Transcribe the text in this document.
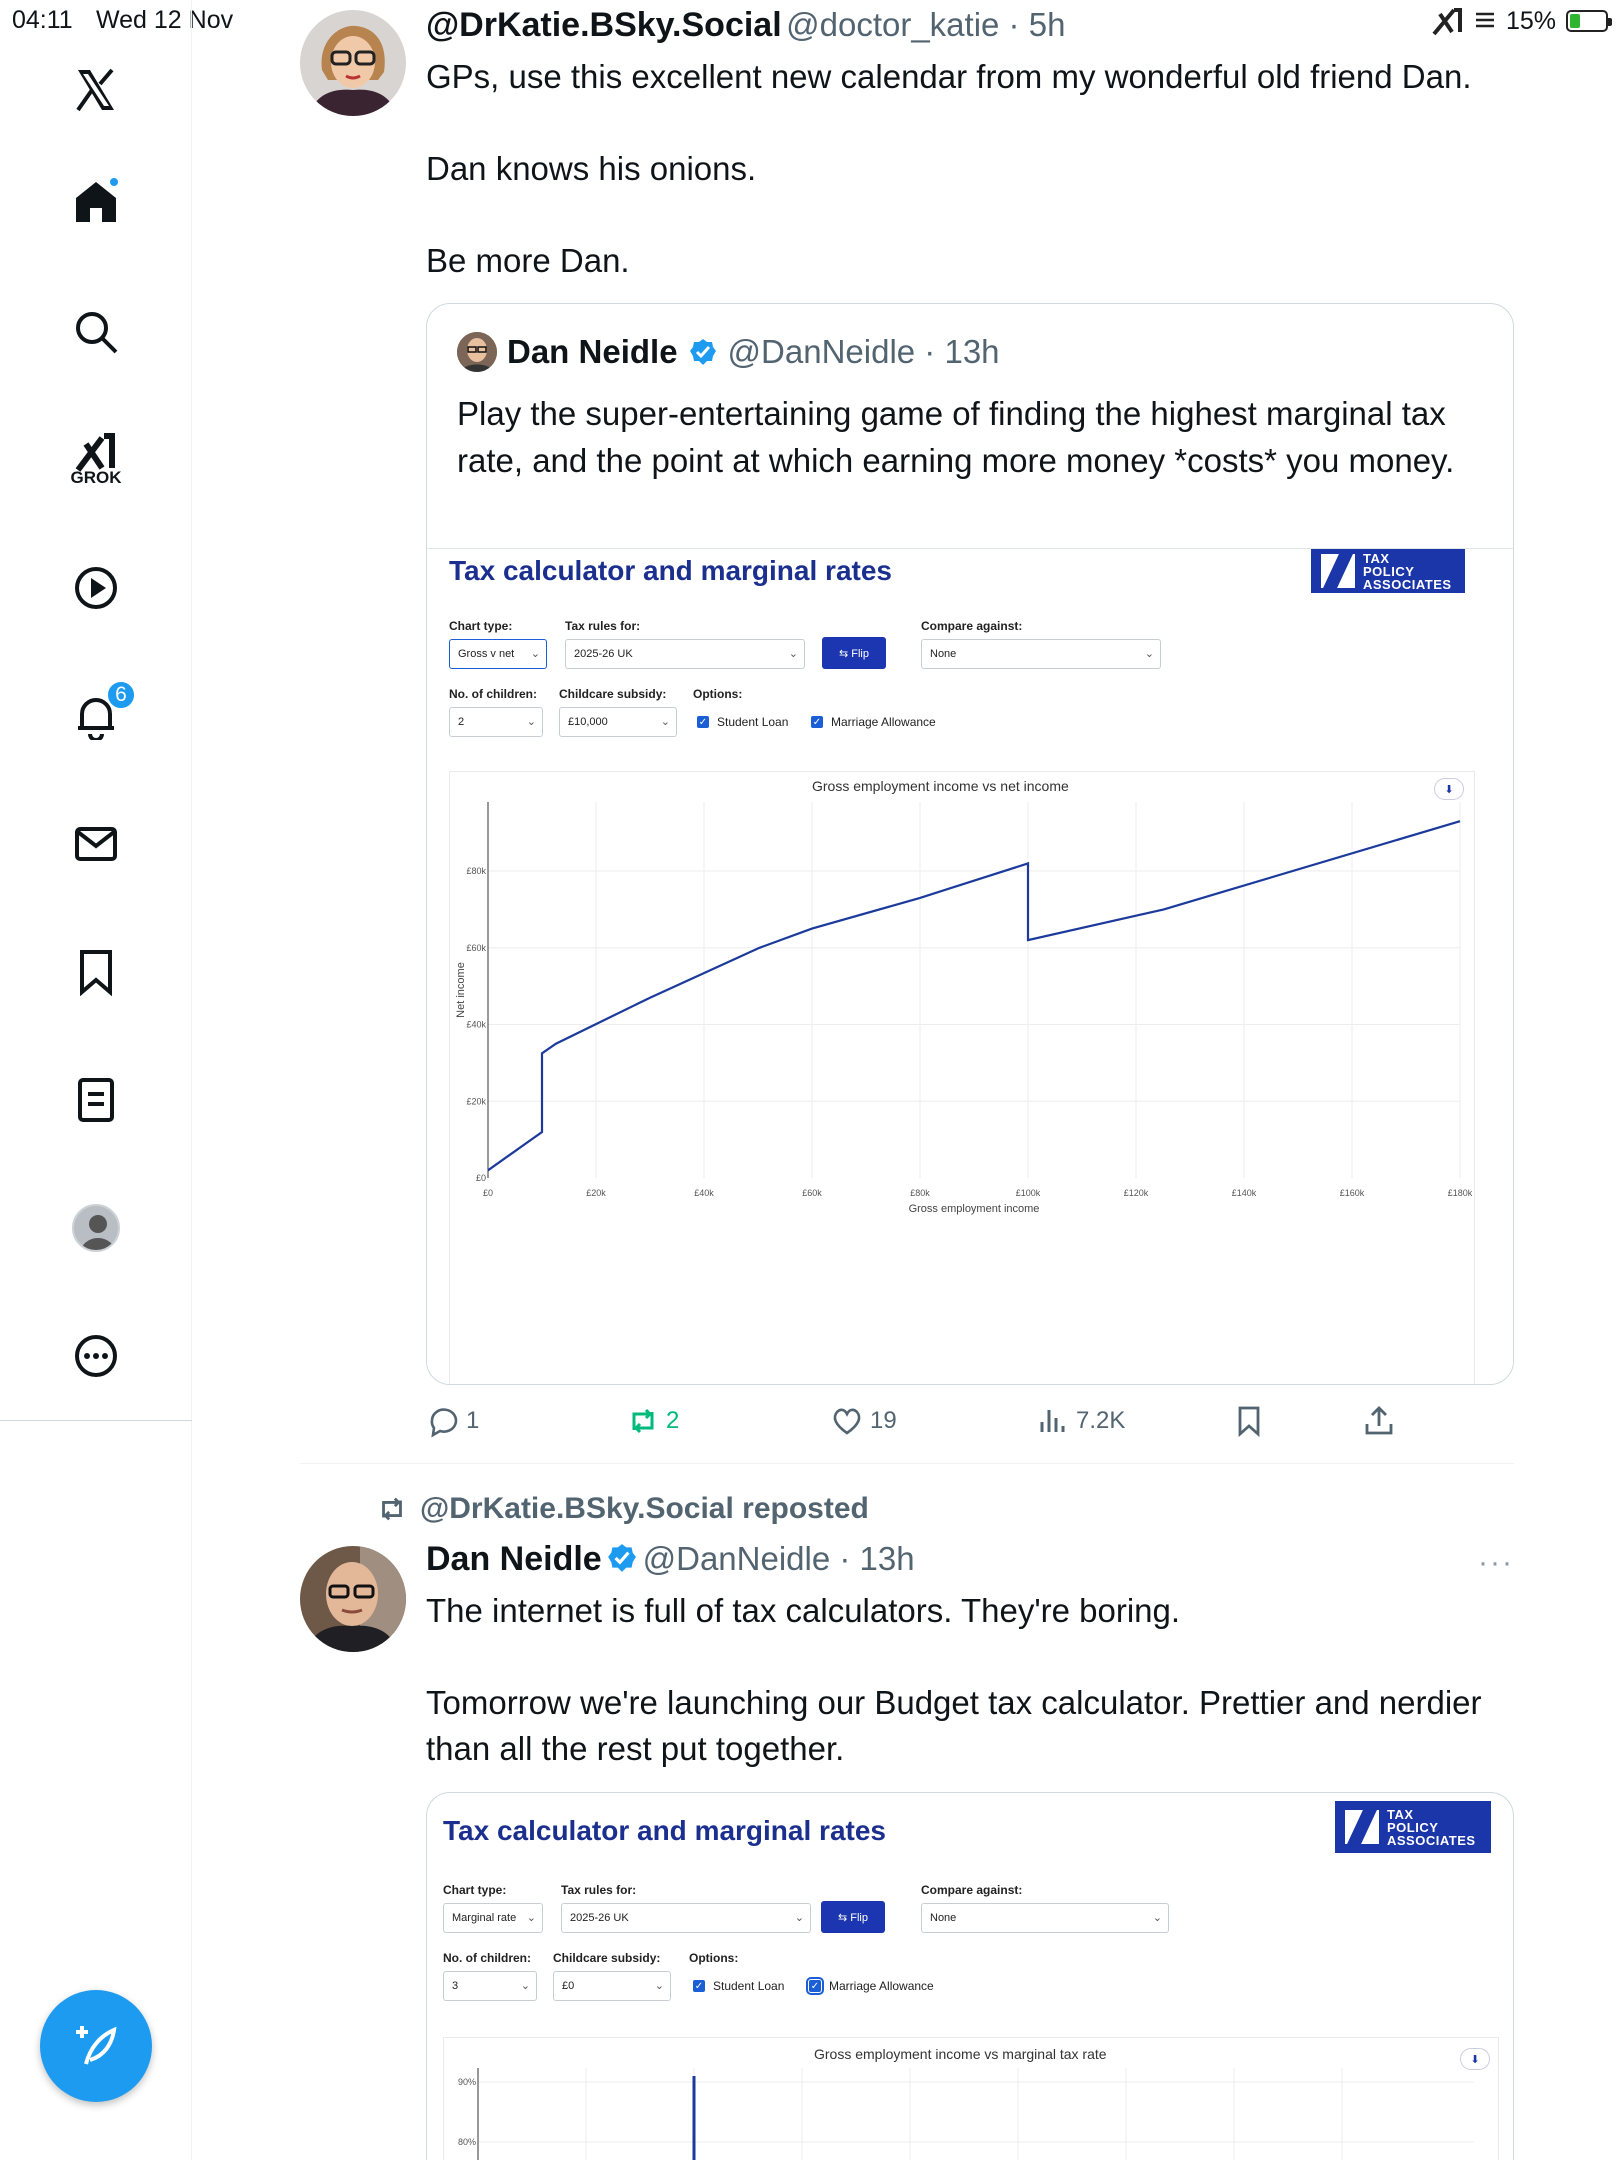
04:11 Wed 12 Nov	15%
GROK
6
@DrKatie.BSky.Social @doctor_katie · 5h

GPs, use this excellent new calendar from my wonderful old friend Dan.

Dan knows his onions.

Be more Dan.

Dan Neidle @DanNeidle · 13h
Play the super-entertaining game of finding the highest marginal tax rate, and the point at which earning more money *costs* you money.
Tax calculator and marginal rates	TAX
POLICY
ASSOCIATES
Chart type:
Gross v net ⌄
Tax rules for:
2025-26 UK	⌄	⇆ Flip
Compare against:
None	⌄
No. of children:
2	⌄
Childcare subsidy:
£10,000	⌄
Options:
✓ Student Loan ✓ Marriage Allowance
Gross employment income vs net income	⬇
£0	£20k	£40k	£60k	£80k	£100k	£120k	£140k	£160k	£180k
£0
£20k
£40k
£60k
£80k
Gross employment income
Net income
1	2	19	7.2K
@DrKatie.BSky.Social reposted
Dan Neidle @DanNeidle · 13h	···

The internet is full of tax calculators. They're boring.

Tomorrow we're launching our Budget tax calculator. Prettier and nerdier than all the rest put together.

Tax calculator and marginal rates
TAX
POLICY
ASSOCIATES
Chart type:
Marginal rate ⌄
Tax rules for:
2025-26 UK	⌄	⇆ Flip
Compare against:
None	⌄
No. of children:
3	⌄
Childcare subsidy:
£0	⌄
Options:
✓ Student Loan	✓ Marriage Allowance
Gross employment income vs marginal tax rate	⬇
90%
80%
